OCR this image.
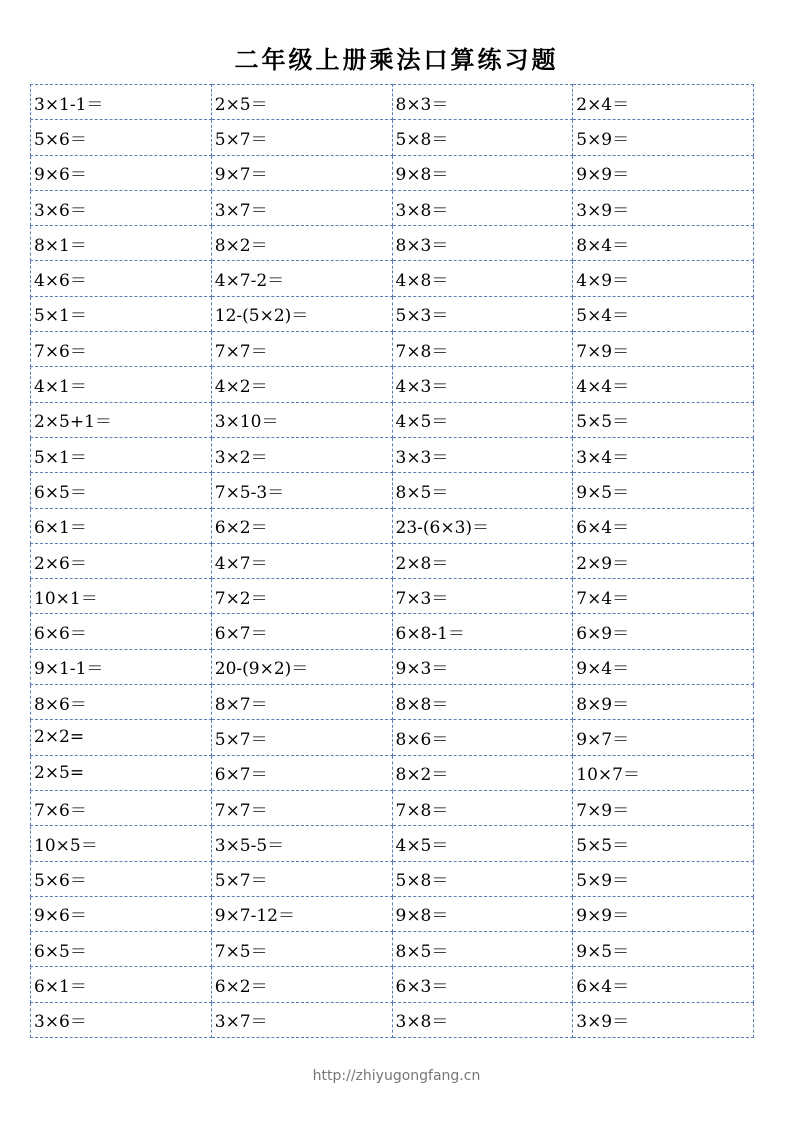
二年级上册乘法口算练习题
3×1-1＝	2×5＝	8×3＝	2×4＝
5×6＝	5×7＝	5×8＝	5×9＝
9×6＝	9×7＝	9×8＝	9×9＝
3×6＝	3×7＝	3×8＝	3×9＝
8×1＝	8×2＝	8×3＝	8×4＝
4×6＝	4×7-2＝	4×8＝	4×9＝
5×1＝	12-(5×2)＝	5×3＝	5×4＝
7×6＝	7×7＝	7×8＝	7×9＝
4×1＝	4×2＝	4×3＝	4×4＝
2×5+1＝	3×10＝	4×5＝	5×5＝
5×1＝	3×2＝	3×3＝	3×4＝
6×5＝	7×5-3＝	8×5＝	9×5＝
6×1＝	6×2＝	23-(6×3)＝	6×4＝
2×6＝	4×7＝	2×8＝	2×9＝
10×1＝	7×2＝	7×3＝	7×4＝
6×6＝	6×7＝	6×8-1＝	6×9＝
9×1-1＝	20-(9×2)＝	9×3＝	9×4＝
8×6＝	8×7＝	8×8＝	8×9＝
2×2=	5×7＝	8×6＝	9×7＝
2×5=	6×7＝	8×2＝	10×7＝
7×6＝	7×7＝	7×8＝	7×9＝
10×5＝	3×5-5＝	4×5＝	5×5＝
5×6＝	5×7＝	5×8＝	5×9＝
9×6＝	9×7-12＝	9×8＝	9×9＝
6×5＝	7×5＝	8×5＝	9×5＝
6×1＝	6×2＝	6×3＝	6×4＝
3×6＝	3×7＝	3×8＝	3×9＝
http://zhiyugongfang.cn
